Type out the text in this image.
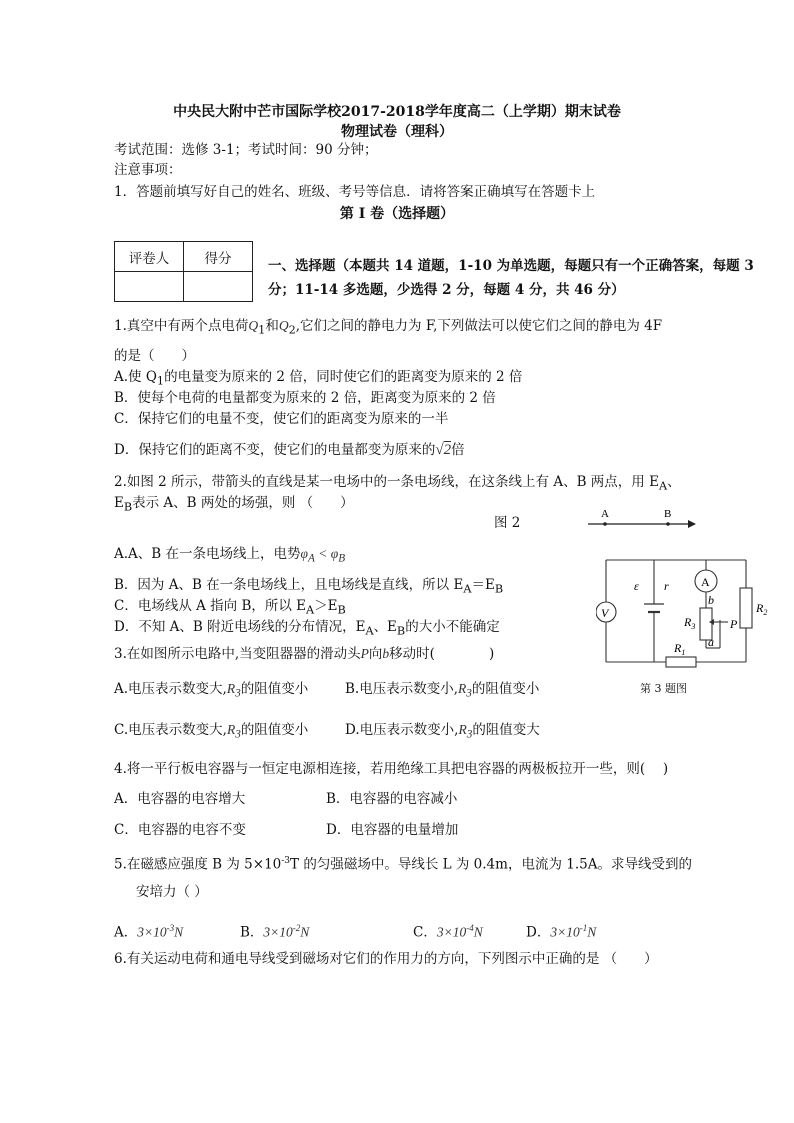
中央民大附中芒市国际学校2017-2018学年度高二（上学期）期末试卷
物理试卷（理科）
考试范围：选修 3-1；考试时间：90 分钟；
注意事项：
1．答题前填写好自己的姓名、班级、考号等信息．请将答案正确填写在答题卡上
第 I 卷（选择题）
评卷人	得分
		一、选择题（本题共 14 道题，1-10 为单选题，每题只有一个正确答案，每题 3 分；11-14 多选题，少选得 2 分，每题 4 分，共 46 分）
1.真空中有两个点电荷$Q_1$和$Q_2$,它们之间的静电力为 F,下列做法可以使它们之间的静电为 4F
的是（　　）
A.使 $Q_1$的电量变为原来的 2 倍，同时使它们的距离变为原来的 2 倍
B．使每个电荷的电量都变为原来的 2 倍，距离变为原来的 2 倍
C．保持它们的电量不变，使它们的距离变为原来的一半
D．保持它们的距离不变，使它们的电量都变为原来的√2倍
2.如图 2 所示，带箭头的直线是某一电场中的一条电场线，在这条线上有 A、B 两点，用 $E_A$、
$E_B$表示 A、B 两处的场强，则 （　　）
图 2
A	B
A.A、B 在一条电场线上，电势$\varphi_A < \varphi_B$
B．因为 A、B 在一条电场线上，且电场线是直线，所以 $E_A=E_B$
C．电场线从 A 指向 B，所以 $E_A>E_B$
D．不知 A、B 附近电场线的分布情况，$E_A$、$E_B$的大小不能确定
3.在如图所示电路中,当变阻器器的滑动头P向b移动时(　　　　)
ε r
V
A
$R_3$
b
a
P
$R_2$
$R_1$
第 3 题图
A.电压表示数变大$,R_3$的阻值变小	B.电压表示数变小$,R_3$的阻值变小
C.电压表示数变大$,R_3$的阻值变小	D.电压表示数变小$,R_3$的阻值变大
4.将一平行板电容器与一恒定电源相连接，若用绝缘工具把电容器的两极板拉开一些，则(　 )
A．电容器的电容增大	B．电容器的电容减小
C．电容器的电容不变	D．电容器的电量增加
5.在磁感应强度 B 为 $5\times 10^{-3}T$ 的匀强磁场中。导线长 L 为 0.4m，电流为 1.5A。求导线受到的
安培力（ ）
A．$3\times 10^{-3}N$	B．$3\times 10^{-2}N$	C．$3\times 10^{-4}N$	D．$3\times 10^{-1}N$
6.有关运动电荷和通电导线受到磁场对它们的作用力的方向，下列图示中正确的是 （　　）
